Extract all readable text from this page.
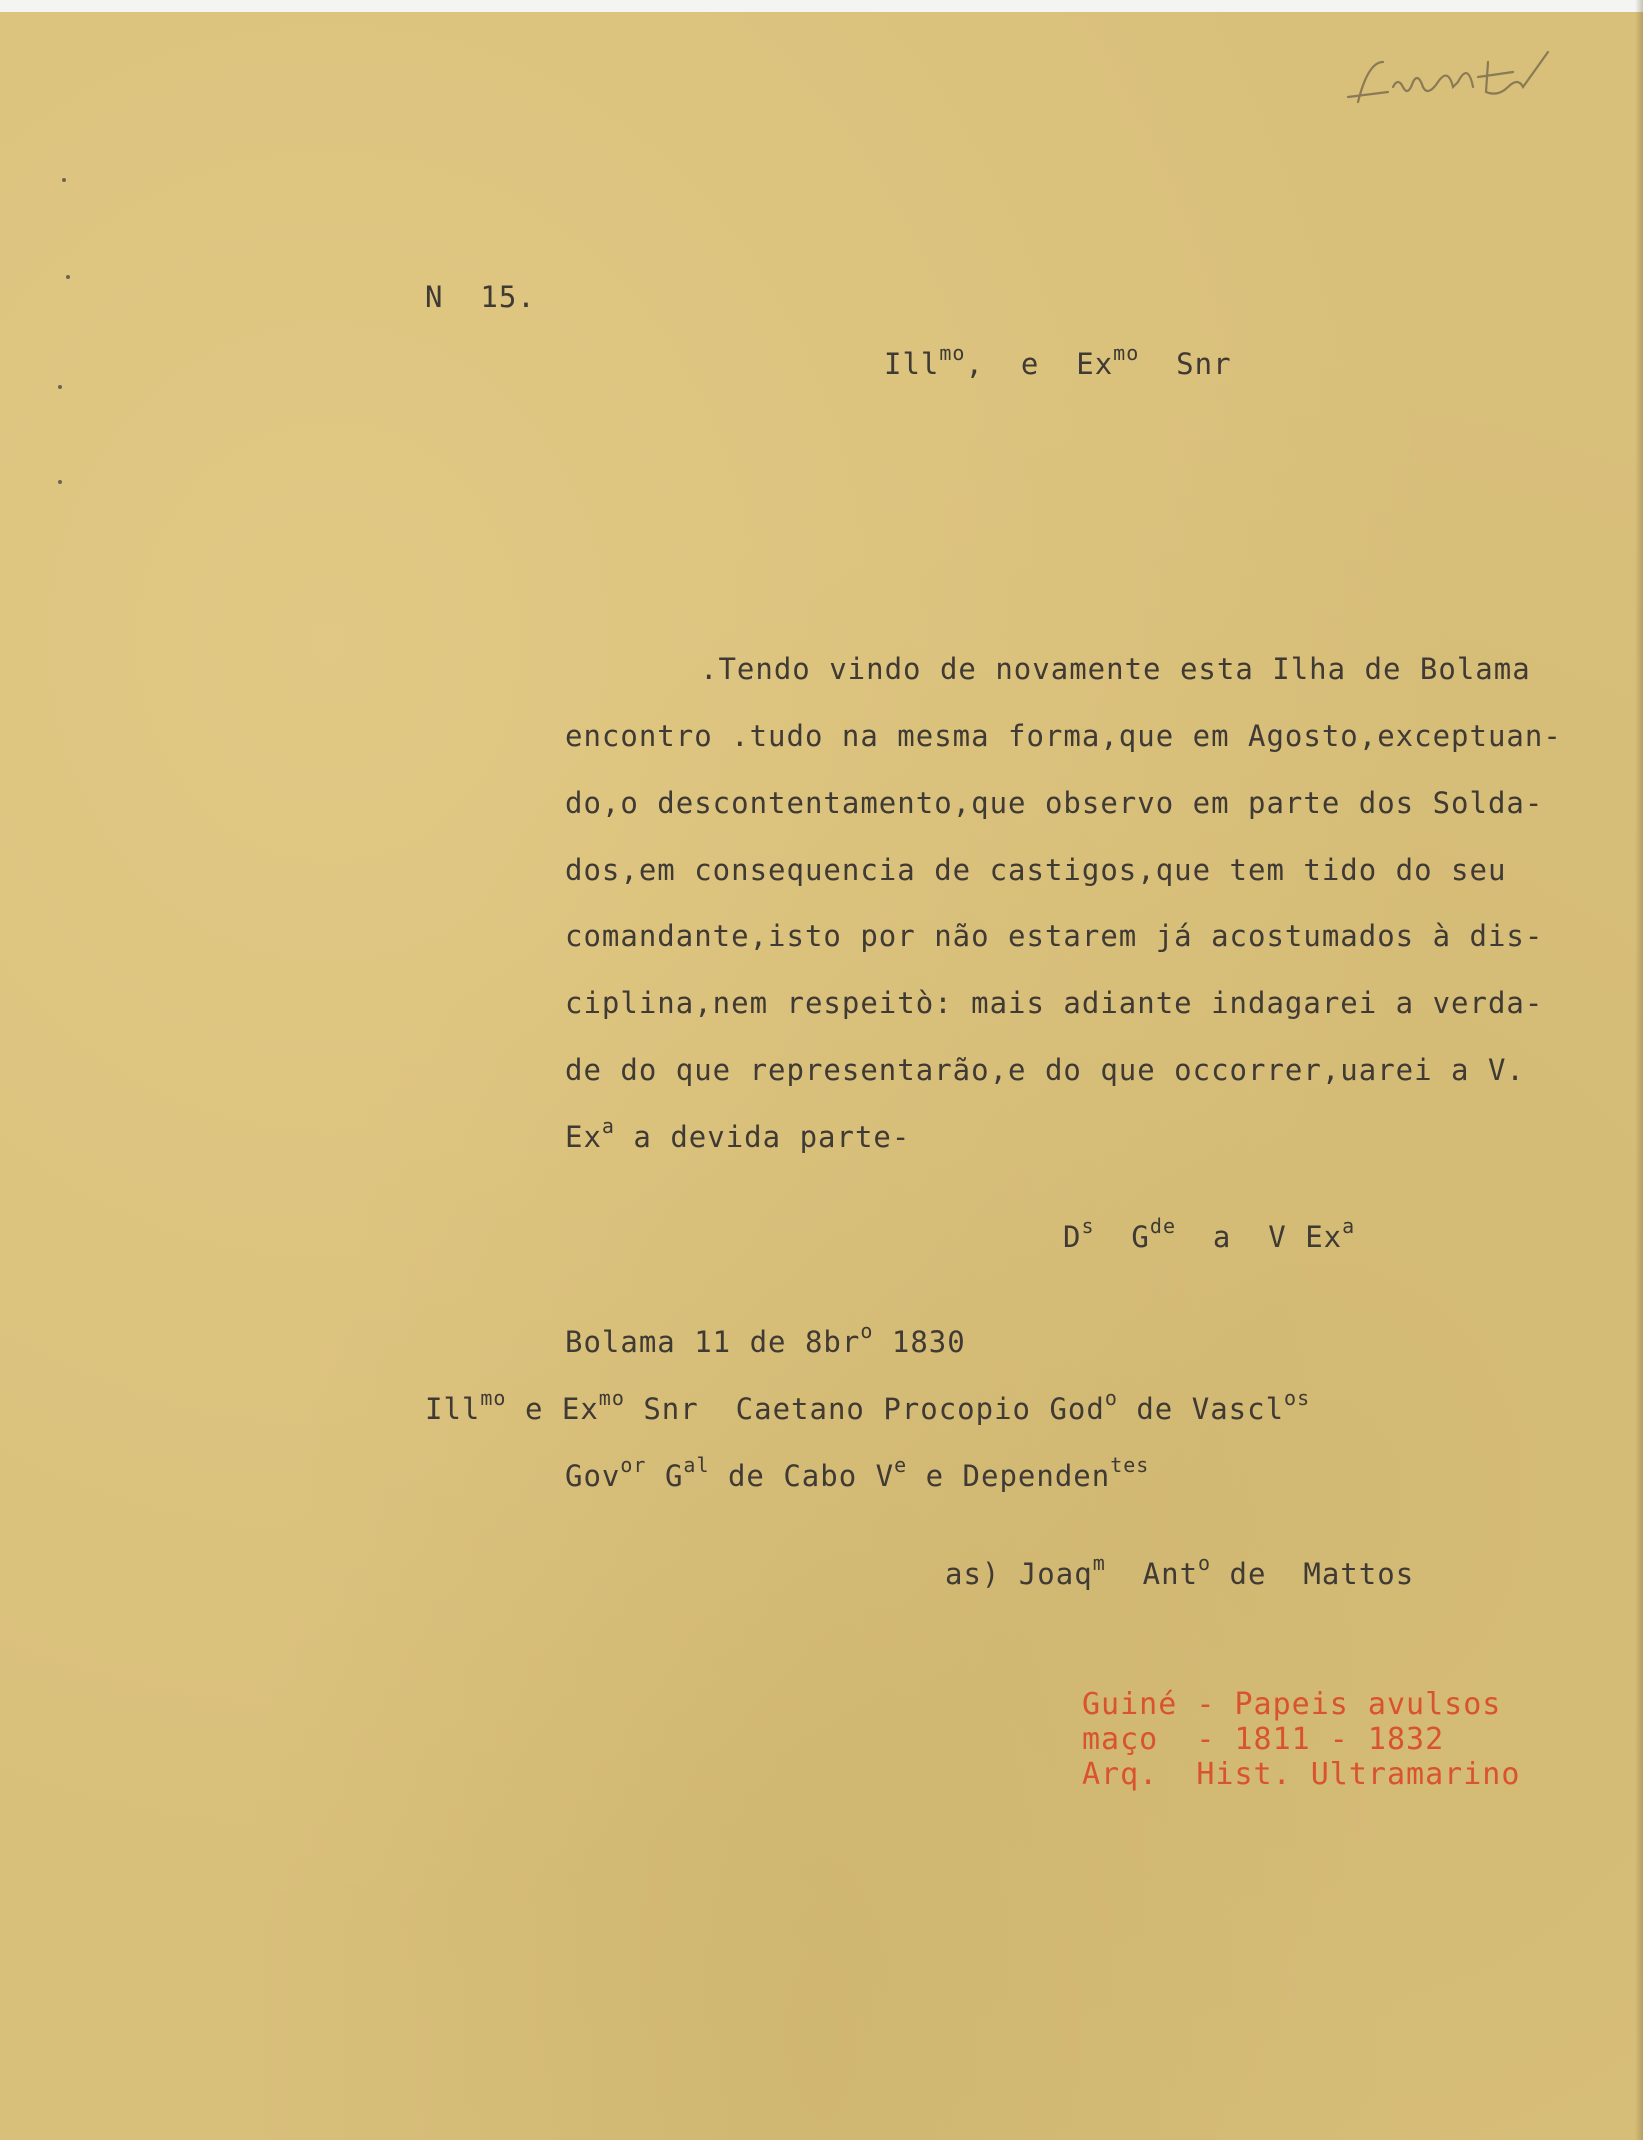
N  15.
Ill$^{mo}$,  e  $Ex^{mo}$  Snr
.Tendo vindo de novamente esta Ilha de Bolama
encontro .tudo na mesma forma,que em Agosto,exceptuan-
do,o descontentamento,que observo em parte dos Solda-
dos,em consequencia de castigos,que tem tido do seu
comandante,isto por não estarem já acostumados à dis-
ciplina,nem respeitò: mais adiante indagarei a verda-
de do que representarão,e do que occorrer,uarei a V.
Ex$^a$ a devida parte-
$D^s$  $G^{de}$  a  V Ex$^a$
Bolama 11 de $8br^o$ 1830
Ill$^{mo}$ e $Ex^{mo}$ Snr  Caetano Procopio God$^o$ de Vascl$^{os}$
Gov$^{or}$ $G^{al}$ de Cabo Ve e Dependen$^{tes}$
as) Joaq$^m$  Ant$^o$ de  Mattos
Guiné - Papeis avulsos
maço  - 1811 - 1832
Arq.  Hist. Ultramarino
